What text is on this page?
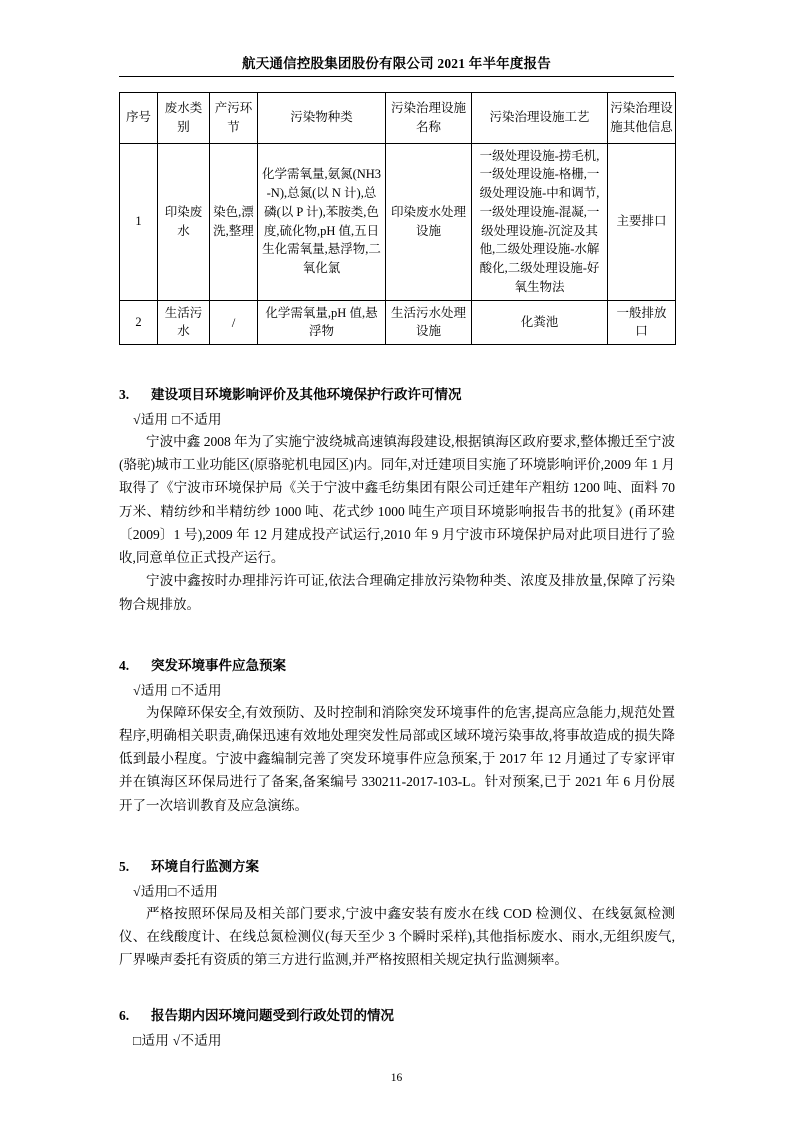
航天通信控股集团股份有限公司 2021 年半年度报告
序号	废水类别	产污环节	污染物种类	污染治理设施名称	污染治理设施工艺	污染治理设施其他信息
1	印染废水	染色,漂洗,整理	化学需氧量,氨氮(NH3-N),总氮(以 N 计),总磷(以 P 计),苯胺类,色度,硫化物,pH 值,五日生化需氧量,悬浮物,二氧化氯	印染废水处理设施	一级处理设施-捞毛机,一级处理设施-格栅,一级处理设施-中和调节,一级处理设施-混凝,一级处理设施-沉淀及其他,二级处理设施-水解酸化,二级处理设施-好氧生物法	主要排口
2	生活污水	/	化学需氧量,pH 值,悬浮物	生活污水处理设施	化粪池	一般排放口
3. 建设项目环境影响评价及其他环境保护行政许可情况
√适用 □不适用

宁波中鑫 2008 年为了实施宁波绕城高速镇海段建设,根据镇海区政府要求,整体搬迁至宁波(骆驼)城市工业功能区(原骆驼机电园区)内。同年,对迁建项目实施了环境影响评价,2009 年 1 月取得了《宁波市环境保护局《关于宁波中鑫毛纺集团有限公司迁建年产粗纺 1200 吨、面料 70 万米、精纺纱和半精纺纱 1000 吨、花式纱 1000 吨生产项目环境影响报告书的批复》(甬环建〔2009〕1 号),2009 年 12 月建成投产试运行,2010 年 9 月宁波市环境保护局对此项目进行了验收,同意单位正式投产运行。

宁波中鑫按时办理排污许可证,依法合理确定排放污染物种类、浓度及排放量,保障了污染物合规排放。

4. 突发环境事件应急预案
√适用 □不适用

为保障环保安全,有效预防、及时控制和消除突发环境事件的危害,提高应急能力,规范处置程序,明确相关职责,确保迅速有效地处理突发性局部或区域环境污染事故,将事故造成的损失降低到最小程度。宁波中鑫编制完善了突发环境事件应急预案,于 2017 年 12 月通过了专家评审并在镇海区环保局进行了备案,备案编号 330211-2017-103-L。针对预案,已于 2021 年 6 月份展开了一次培训教育及应急演练。

5. 环境自行监测方案
√适用□不适用

严格按照环保局及相关部门要求,宁波中鑫安装有废水在线 COD 检测仪、在线氨氮检测仪、在线酸度计、在线总氮检测仪(每天至少 3 个瞬时采样),其他指标废水、雨水,无组织废气,厂界噪声委托有资质的第三方进行监测,并严格按照相关规定执行监测频率。

6. 报告期内因环境问题受到行政处罚的情况
□适用 √不适用
16
